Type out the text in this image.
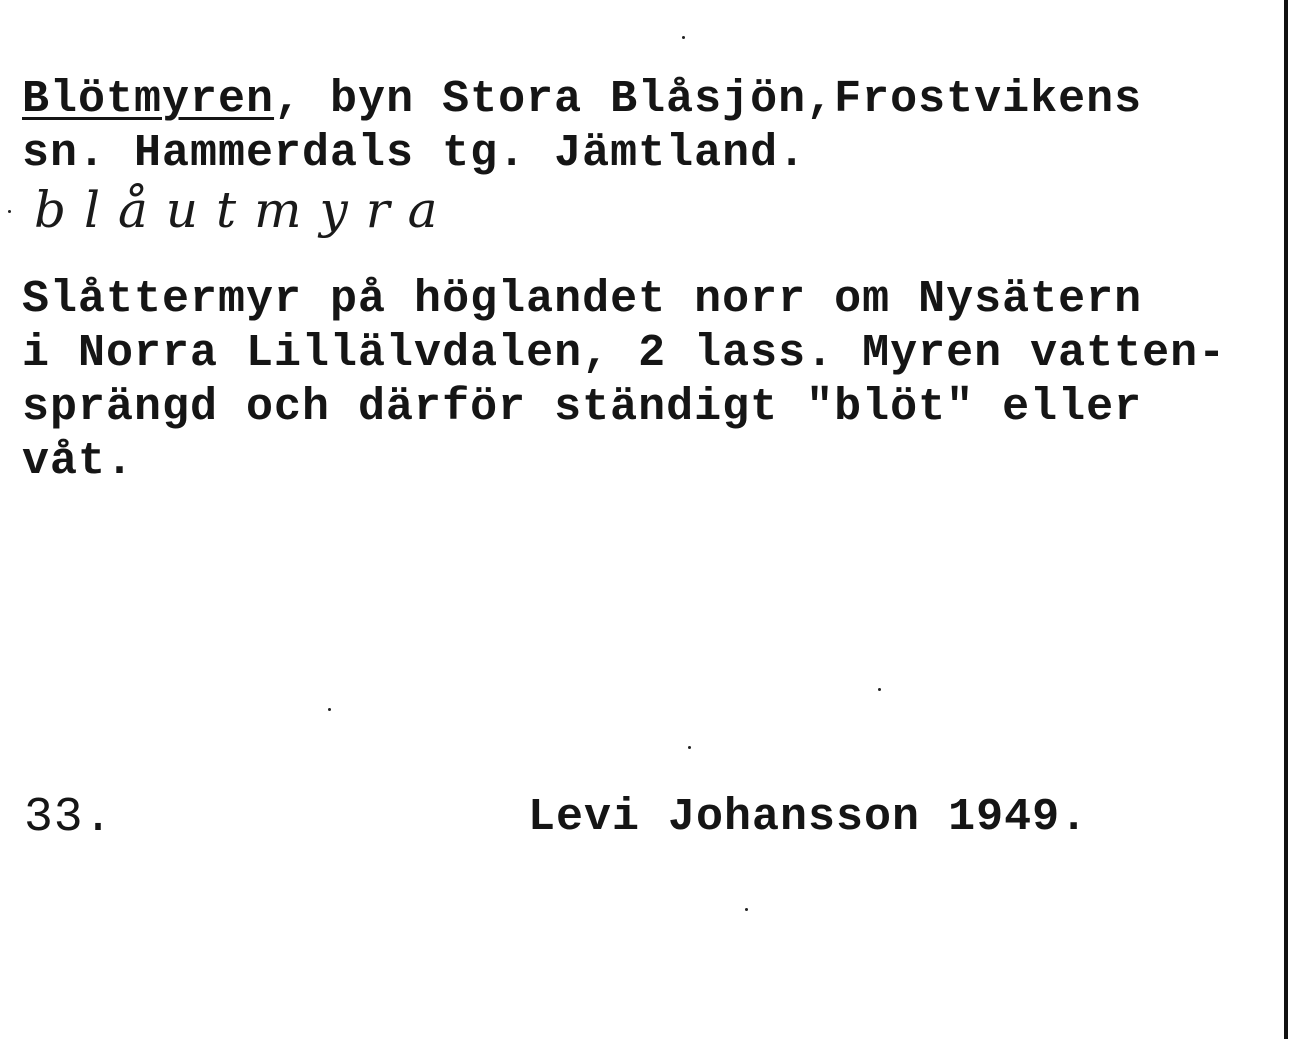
Blötmyren, byn Stora Blåsjön,Frostvikens
sn. Hammerdals tg. Jämtland.
blåutmyra
Slåttermyr på höglandet norr om Nysätern
i Norra Lillälvdalen, 2 lass. Myren vatten-
sprängd och därför ständigt "blöt" eller
våt.
33.	Levi Johansson 1949.
